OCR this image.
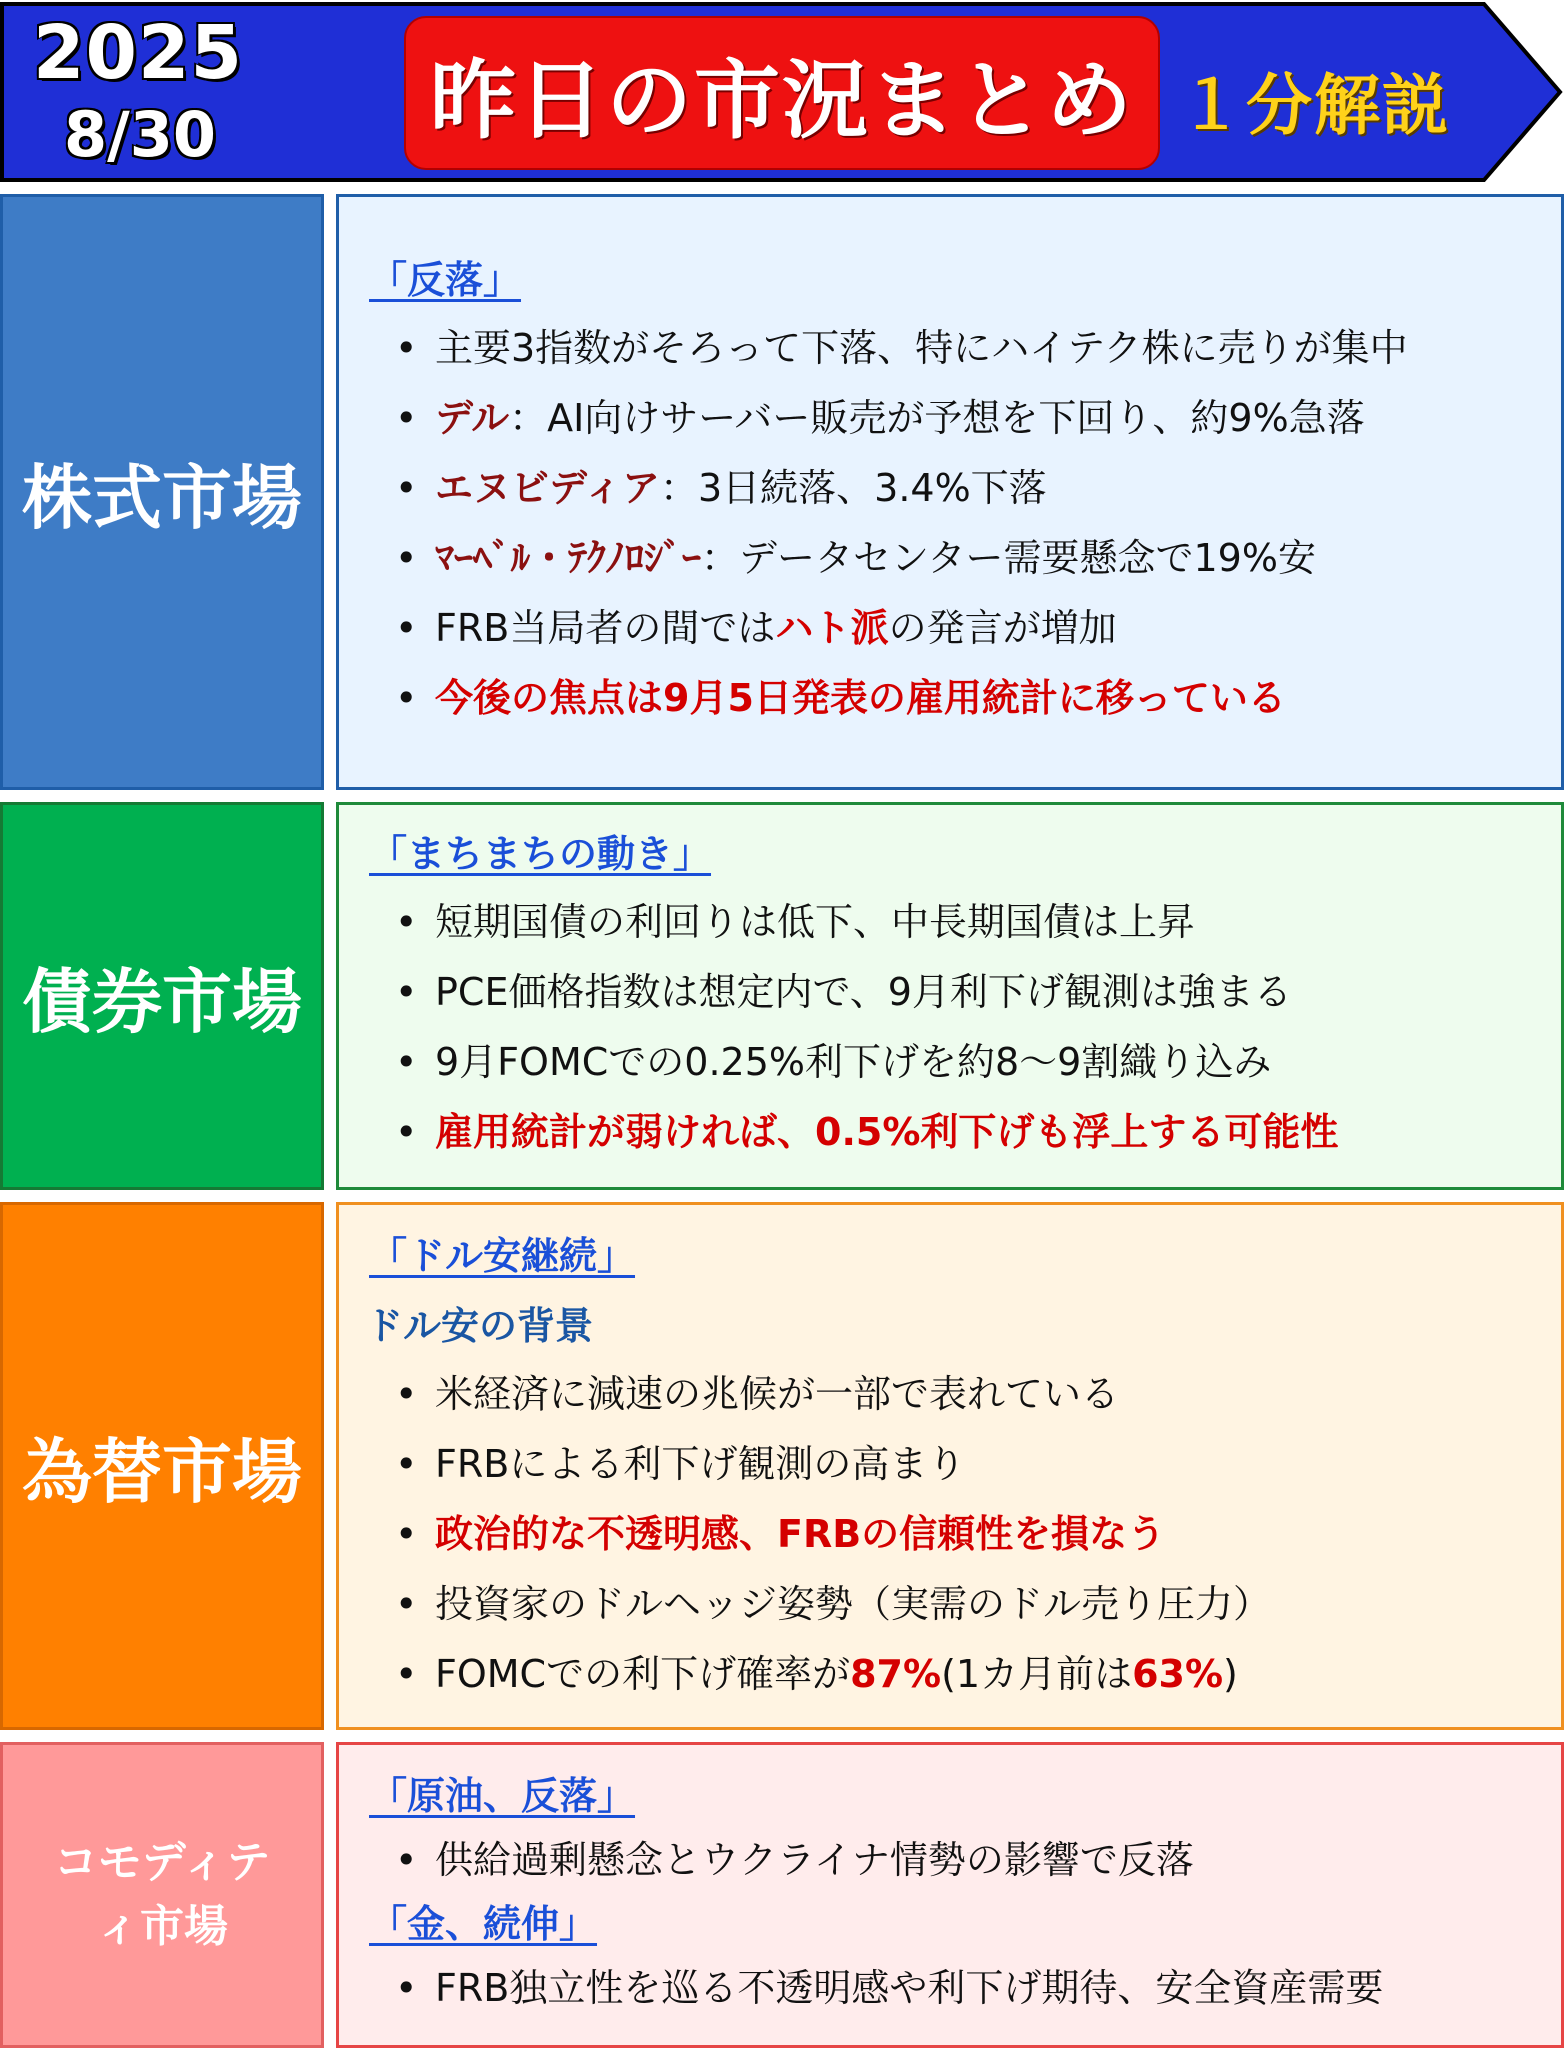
2025
8/30	昨日の市況まとめ １分解説
株式市場
「反落」
• 主要3指数がそろって下落、特にハイテク株に売りが集中
• デル：AI向けサーバー販売が予想を下回り、約9%急落
• エヌビディア：3日続落、3.4%下落
• ﾏｰﾍﾞﾙ・ﾃｸﾉﾛｼﾞｰ：データセンター需要懸念で19%安
• FRB当局者の間ではハト派の発言が増加
• 今後の焦点は9月5日発表の雇用統計に移っている
債券市場
「まちまちの動き」
• 短期国債の利回りは低下、中長期国債は上昇
• PCE価格指数は想定内で、9月利下げ観測は強まる
• 9月FOMCでの0.25%利下げを約8～9割織り込み
• 雇用統計が弱ければ、0.5%利下げも浮上する可能性
為替市場
「ドル安継続」
ドル安の背景
• 米経済に減速の兆候が一部で表れている
• FRBによる利下げ観測の高まり
• 政治的な不透明感、FRBの信頼性を損なう
• 投資家のドルヘッジ姿勢（実需のドル売り圧力）
• FOMCでの利下げ確率が87%(1カ月前は63%)
コモディテ
ィ市場
「原油、反落」
• 供給過剰懸念とウクライナ情勢の影響で反落
「金、続伸」
• FRB独立性を巡る不透明感や利下げ期待、安全資産需要
